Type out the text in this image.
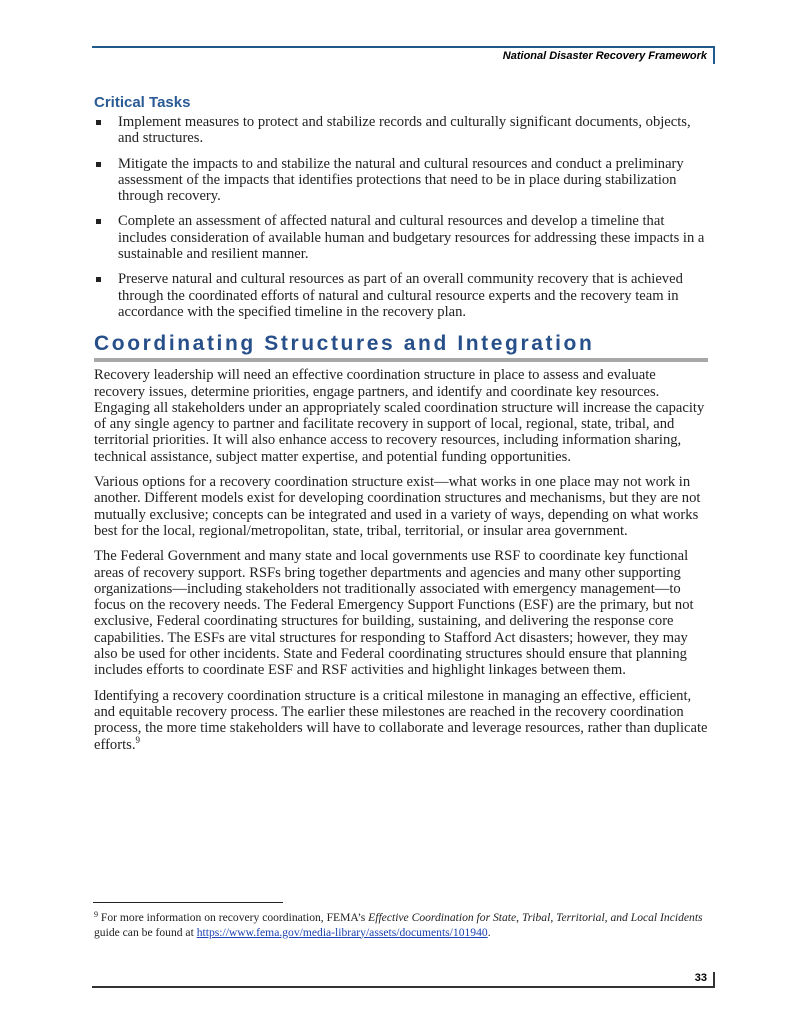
National Disaster Recovery Framework
Critical Tasks
Implement measures to protect and stabilize records and culturally significant documents, objects, and structures.
Mitigate the impacts to and stabilize the natural and cultural resources and conduct a preliminary assessment of the impacts that identifies protections that need to be in place during stabilization through recovery.
Complete an assessment of affected natural and cultural resources and develop a timeline that includes consideration of available human and budgetary resources for addressing these impacts in a sustainable and resilient manner.
Preserve natural and cultural resources as part of an overall community recovery that is achieved through the coordinated efforts of natural and cultural resource experts and the recovery team in accordance with the specified timeline in the recovery plan.
Coordinating Structures and Integration

Recovery leadership will need an effective coordination structure in place to assess and evaluate recovery issues, determine priorities, engage partners, and identify and coordinate key resources. Engaging all stakeholders under an appropriately scaled coordination structure will increase the capacity of any single agency to partner and facilitate recovery in support of local, regional, state, tribal, and territorial priorities. It will also enhance access to recovery resources, including information sharing, technical assistance, subject matter expertise, and potential funding opportunities.

Various options for a recovery coordination structure exist—what works in one place may not work in another. Different models exist for developing coordination structures and mechanisms, but they are not mutually exclusive; concepts can be integrated and used in a variety of ways, depending on what works best for the local, regional/metropolitan, state, tribal, territorial, or insular area government.

The Federal Government and many state and local governments use RSF to coordinate key functional areas of recovery support. RSFs bring together departments and agencies and many other supporting organizations—including stakeholders not traditionally associated with emergency management—to focus on the recovery needs. The Federal Emergency Support Functions (ESF) are the primary, but not exclusive, Federal coordinating structures for building, sustaining, and delivering the response core capabilities. The ESFs are vital structures for responding to Stafford Act disasters; however, they may also be used for other incidents. State and Federal coordinating structures should ensure that planning includes efforts to coordinate ESF and RSF activities and highlight linkages between them.

Identifying a recovery coordination structure is a critical milestone in managing an effective, efficient, and equitable recovery process. The earlier these milestones are reached in the recovery coordination process, the more time stakeholders will have to collaborate and leverage resources, rather than duplicate efforts.$^9$

$^9$ For more information on recovery coordination, FEMA’s Effective Coordination for State, Tribal, Territorial, and Local Incidents guide can be found at https://www.fema.gov/media-library/assets/documents/101940.
33
